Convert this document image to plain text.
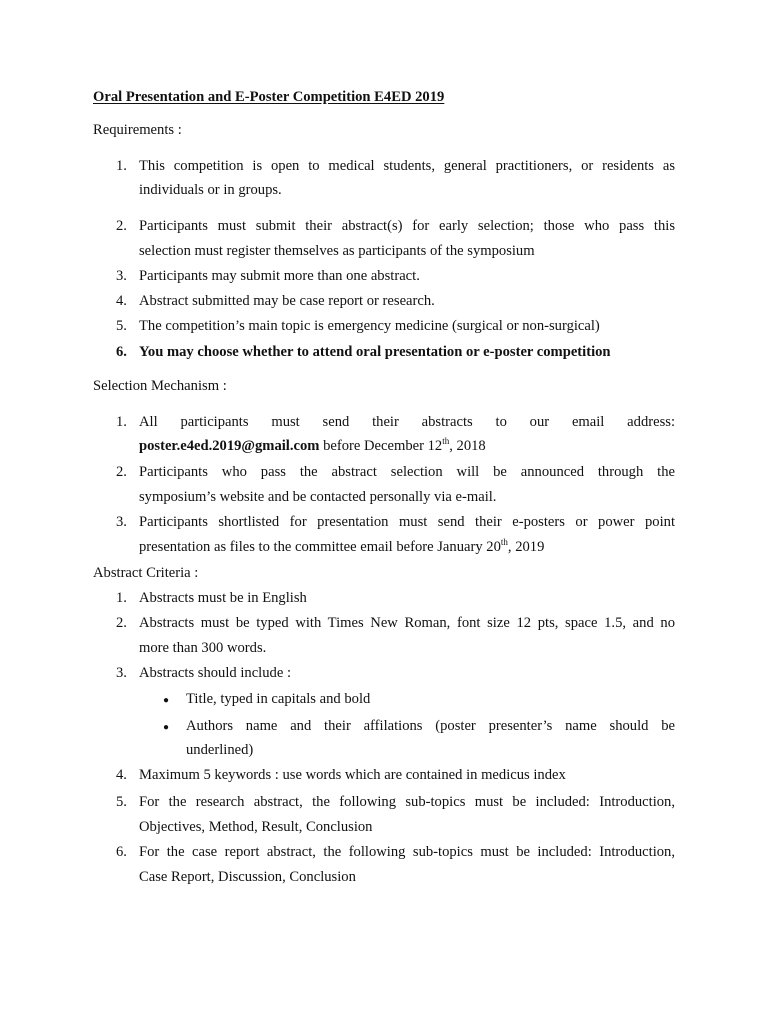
Oral Presentation and E-Poster Competition E4ED 2019
Requirements :
1. This competition is open to medical students, general practitioners, or residents as
individuals or in groups.
2. Participants must submit their abstract(s) for early selection; those who pass this
selection must register themselves as participants of the symposium
3. Participants may submit more than one abstract.
4. Abstract submitted may be case report or research.
5. The competition’s main topic is emergency medicine (surgical or non-surgical)
6. You may choose whether to attend oral presentation or e-poster competition
Selection Mechanism :
1. All participants must send their abstracts to our email address:
poster.e4ed.2019@gmail.com before December 12th, 2018
2. Participants who pass the abstract selection will be announced through the
symposium’s website and be contacted personally via e-mail.
3. Participants shortlisted for presentation must send their e-posters or power point
presentation as files to the committee email before January 20th, 2019
Abstract Criteria :
1. Abstracts must be in English
2. Abstracts must be typed with Times New Roman, font size 12 pts, space 1.5, and no
more than 300 words.
3. Abstracts should include :
● Title, typed in capitals and bold
● Authors name and their affilations (poster presenter’s name should be
underlined)
4. Maximum 5 keywords : use words which are contained in medicus index
5. For the research abstract, the following sub-topics must be included: Introduction,
Objectives, Method, Result, Conclusion
6. For the case report abstract, the following sub-topics must be included: Introduction,
Case Report, Discussion, Conclusion
